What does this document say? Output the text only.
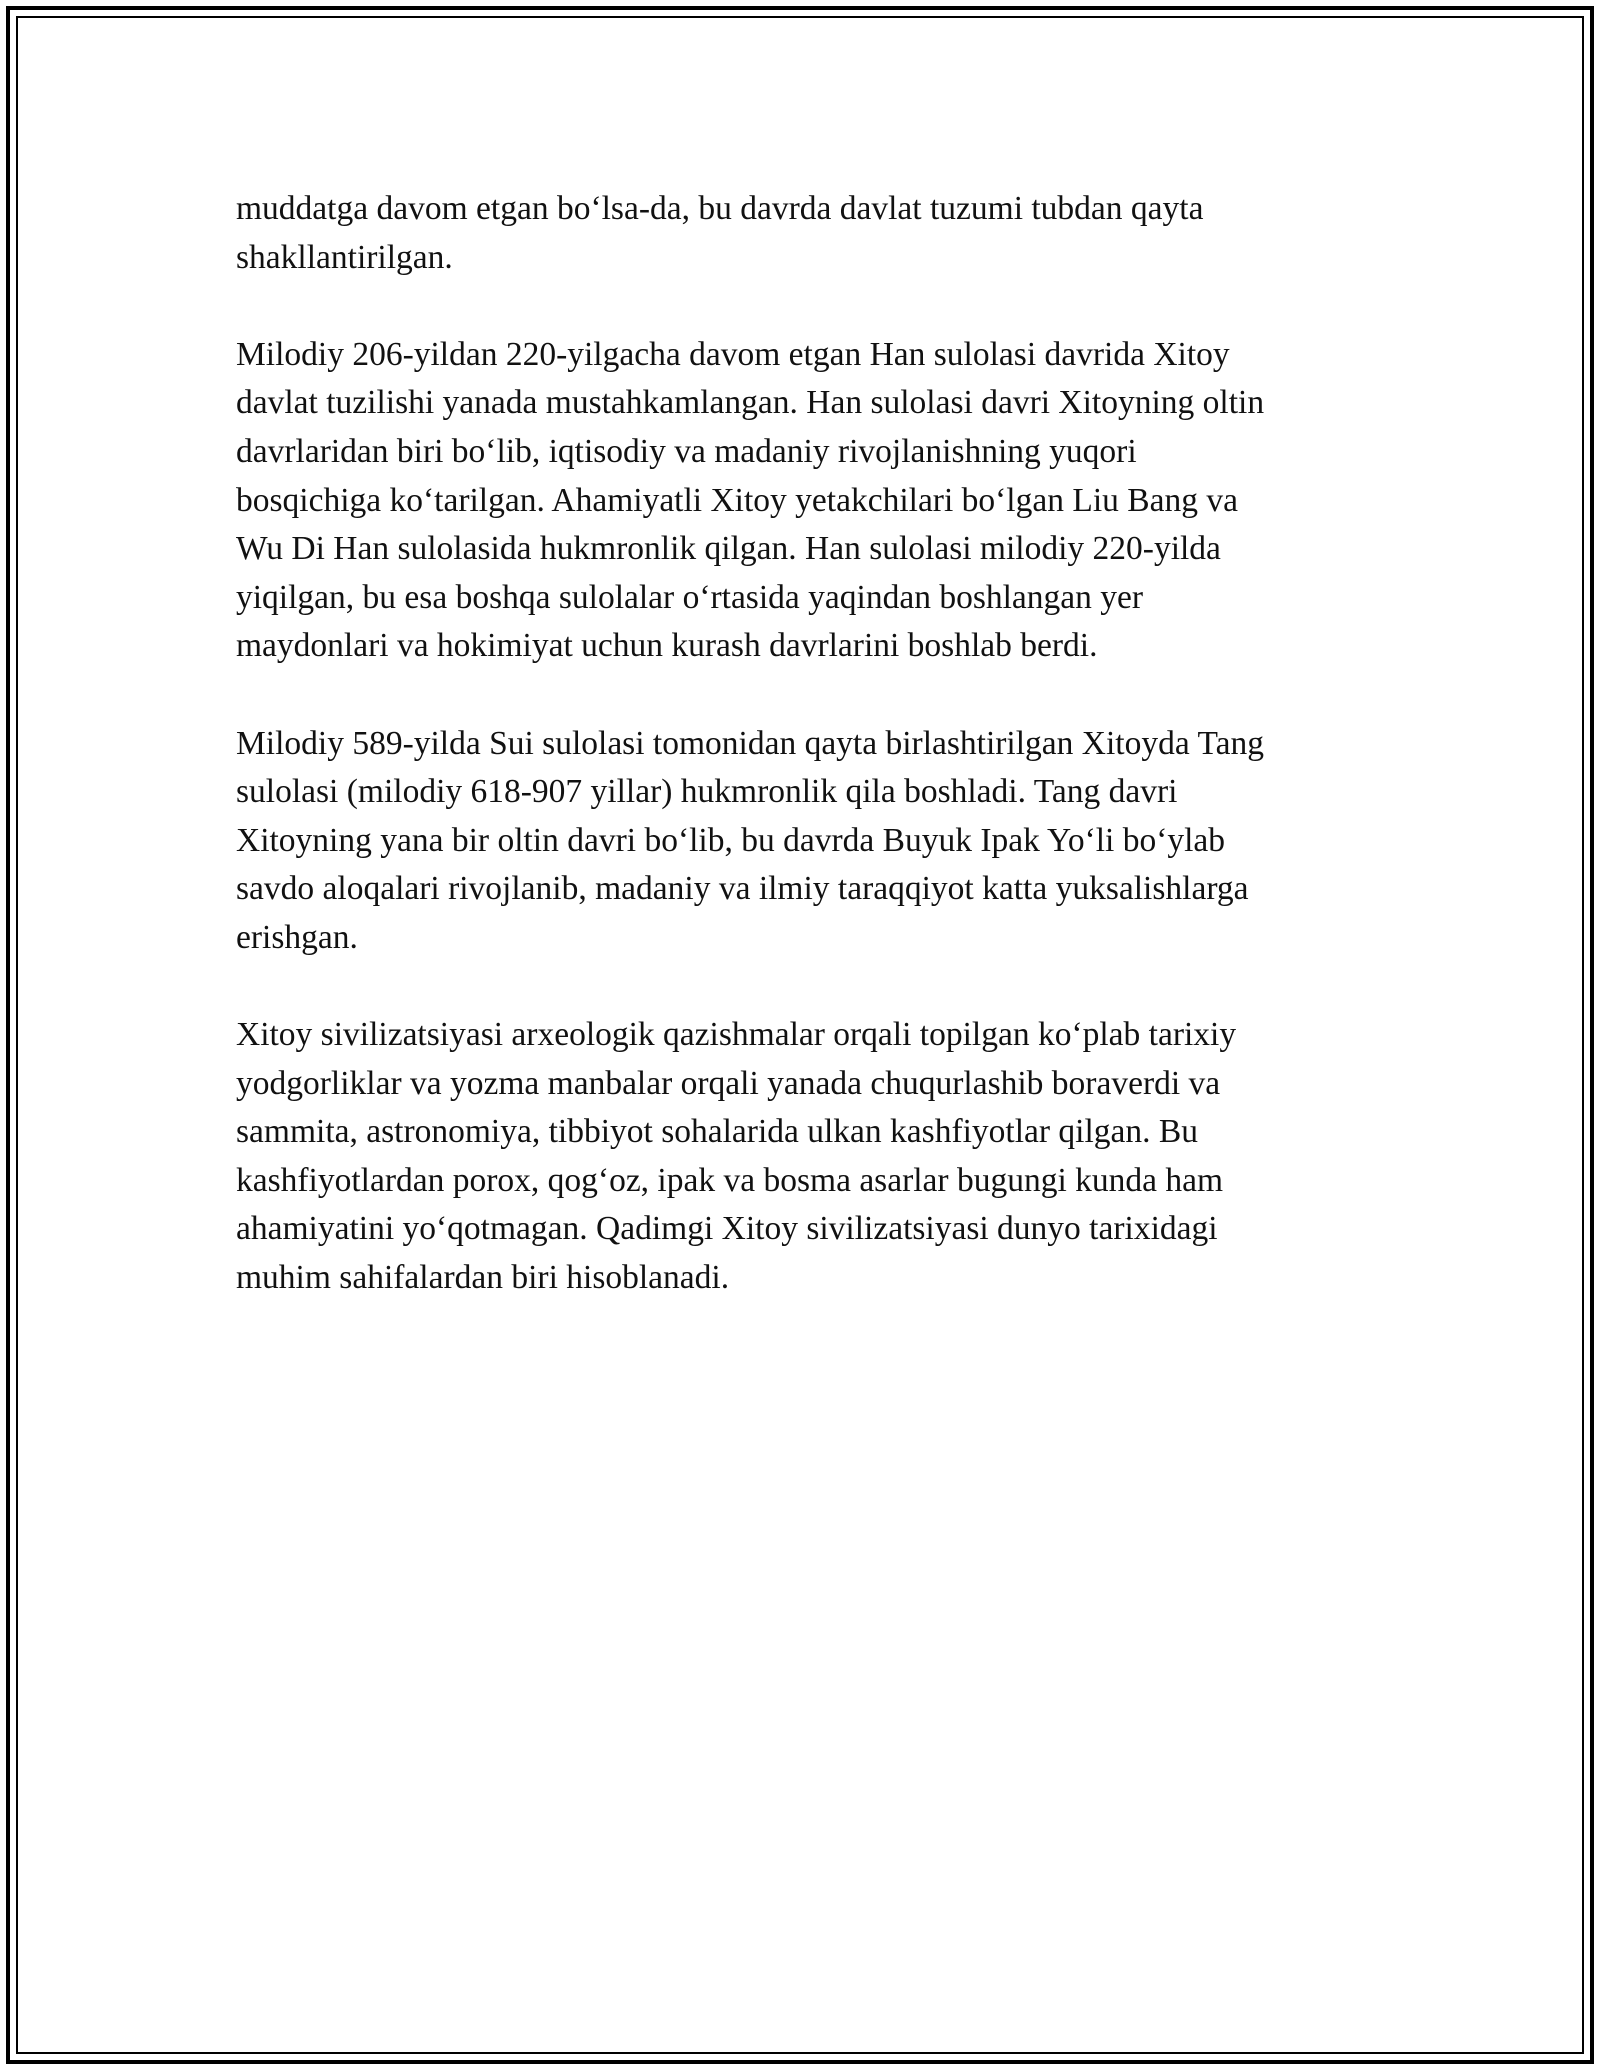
muddatga davom etgan bo‘lsa-da, bu davrda davlat tuzumi tubdan qayta
shakllantirilgan.

Milodiy 206-yildan 220-yilgacha davom etgan Han sulolasi davrida Xitoy
davlat tuzilishi yanada mustahkamlangan. Han sulolasi davri Xitoyning oltin
davrlaridan biri bo‘lib, iqtisodiy va madaniy rivojlanishning yuqori
bosqichiga ko‘tarilgan. Ahamiyatli Xitoy yetakchilari bo‘lgan Liu Bang va
Wu Di Han sulolasida hukmronlik qilgan. Han sulolasi milodiy 220-yilda
yiqilgan, bu esa boshqa sulolalar o‘rtasida yaqindan boshlangan yer
maydonlari va hokimiyat uchun kurash davrlarini boshlab berdi.

Milodiy 589-yilda Sui sulolasi tomonidan qayta birlashtirilgan Xitoyda Tang
sulolasi (milodiy 618-907 yillar) hukmronlik qila boshladi. Tang davri
Xitoyning yana bir oltin davri bo‘lib, bu davrda Buyuk Ipak Yo‘li bo‘ylab
savdo aloqalari rivojlanib, madaniy va ilmiy taraqqiyot katta yuksalishlarga
erishgan.

Xitoy sivilizatsiyasi arxeologik qazishmalar orqali topilgan ko‘plab tarixiy
yodgorliklar va yozma manbalar orqali yanada chuqurlashib boraverdi va
sammita, astronomiya, tibbiyot sohalarida ulkan kashfiyotlar qilgan. Bu
kashfiyotlardan porox, qog‘oz, ipak va bosma asarlar bugungi kunda ham
ahamiyatini yo‘qotmagan. Qadimgi Xitoy sivilizatsiyasi dunyo tarixidagi
muhim sahifalardan biri hisoblanadi.
